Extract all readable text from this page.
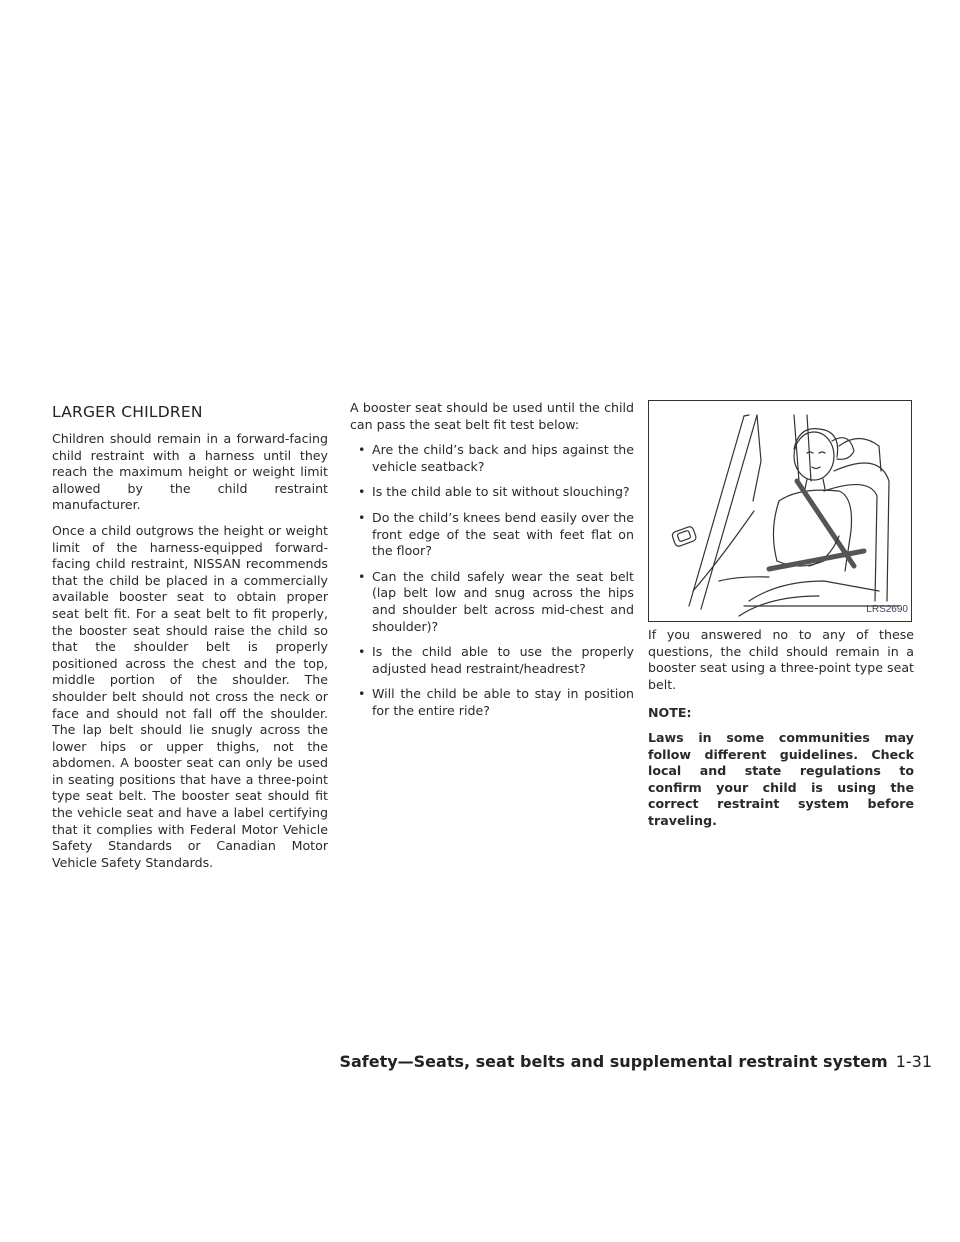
LARGER CHILDREN

Children should remain in a forward-facing child restraint with a harness until they reach the maximum height or weight limit allowed by the child restraint manufacturer.

Once a child outgrows the height or weight limit of the harness-equipped forward-facing child restraint, NISSAN recommends that the child be placed in a commercially available booster seat to obtain proper seat belt fit. For a seat belt to fit properly, the booster seat should raise the child so that the shoulder belt is properly positioned across the chest and the top, middle portion of the shoulder. The shoulder belt should not cross the neck or face and should not fall off the shoulder. The lap belt should lie snugly across the lower hips or upper thighs, not the abdomen. A booster seat can only be used in seating positions that have a three-point type seat belt. The booster seat should fit the vehicle seat and have a label certifying that it complies with Federal Motor Vehicle Safety Standards or Canadian Motor Vehicle Safety Standards.

A booster seat should be used until the child can pass the seat belt fit test below:

• Are the child’s back and hips against the vehicle seatback?
• Is the child able to sit without slouching?
• Do the child’s knees bend easily over the front edge of the seat with feet flat on the floor?
• Can the child safely wear the seat belt (lap belt low and snug across the hips and shoulder belt across mid-chest and shoulder)?
• Is the child able to use the properly adjusted head restraint/headrest?
• Will the child be able to stay in position for the entire ride?
LRS2690

If you answered no to any of these questions, the child should remain in a booster seat using a three-point type seat belt.

NOTE:

Laws in some communities may follow different guidelines. Check local and state regulations to confirm your child is using the correct restraint system before traveling.

Safety—Seats, seat belts and supplemental restraint system 1-31
